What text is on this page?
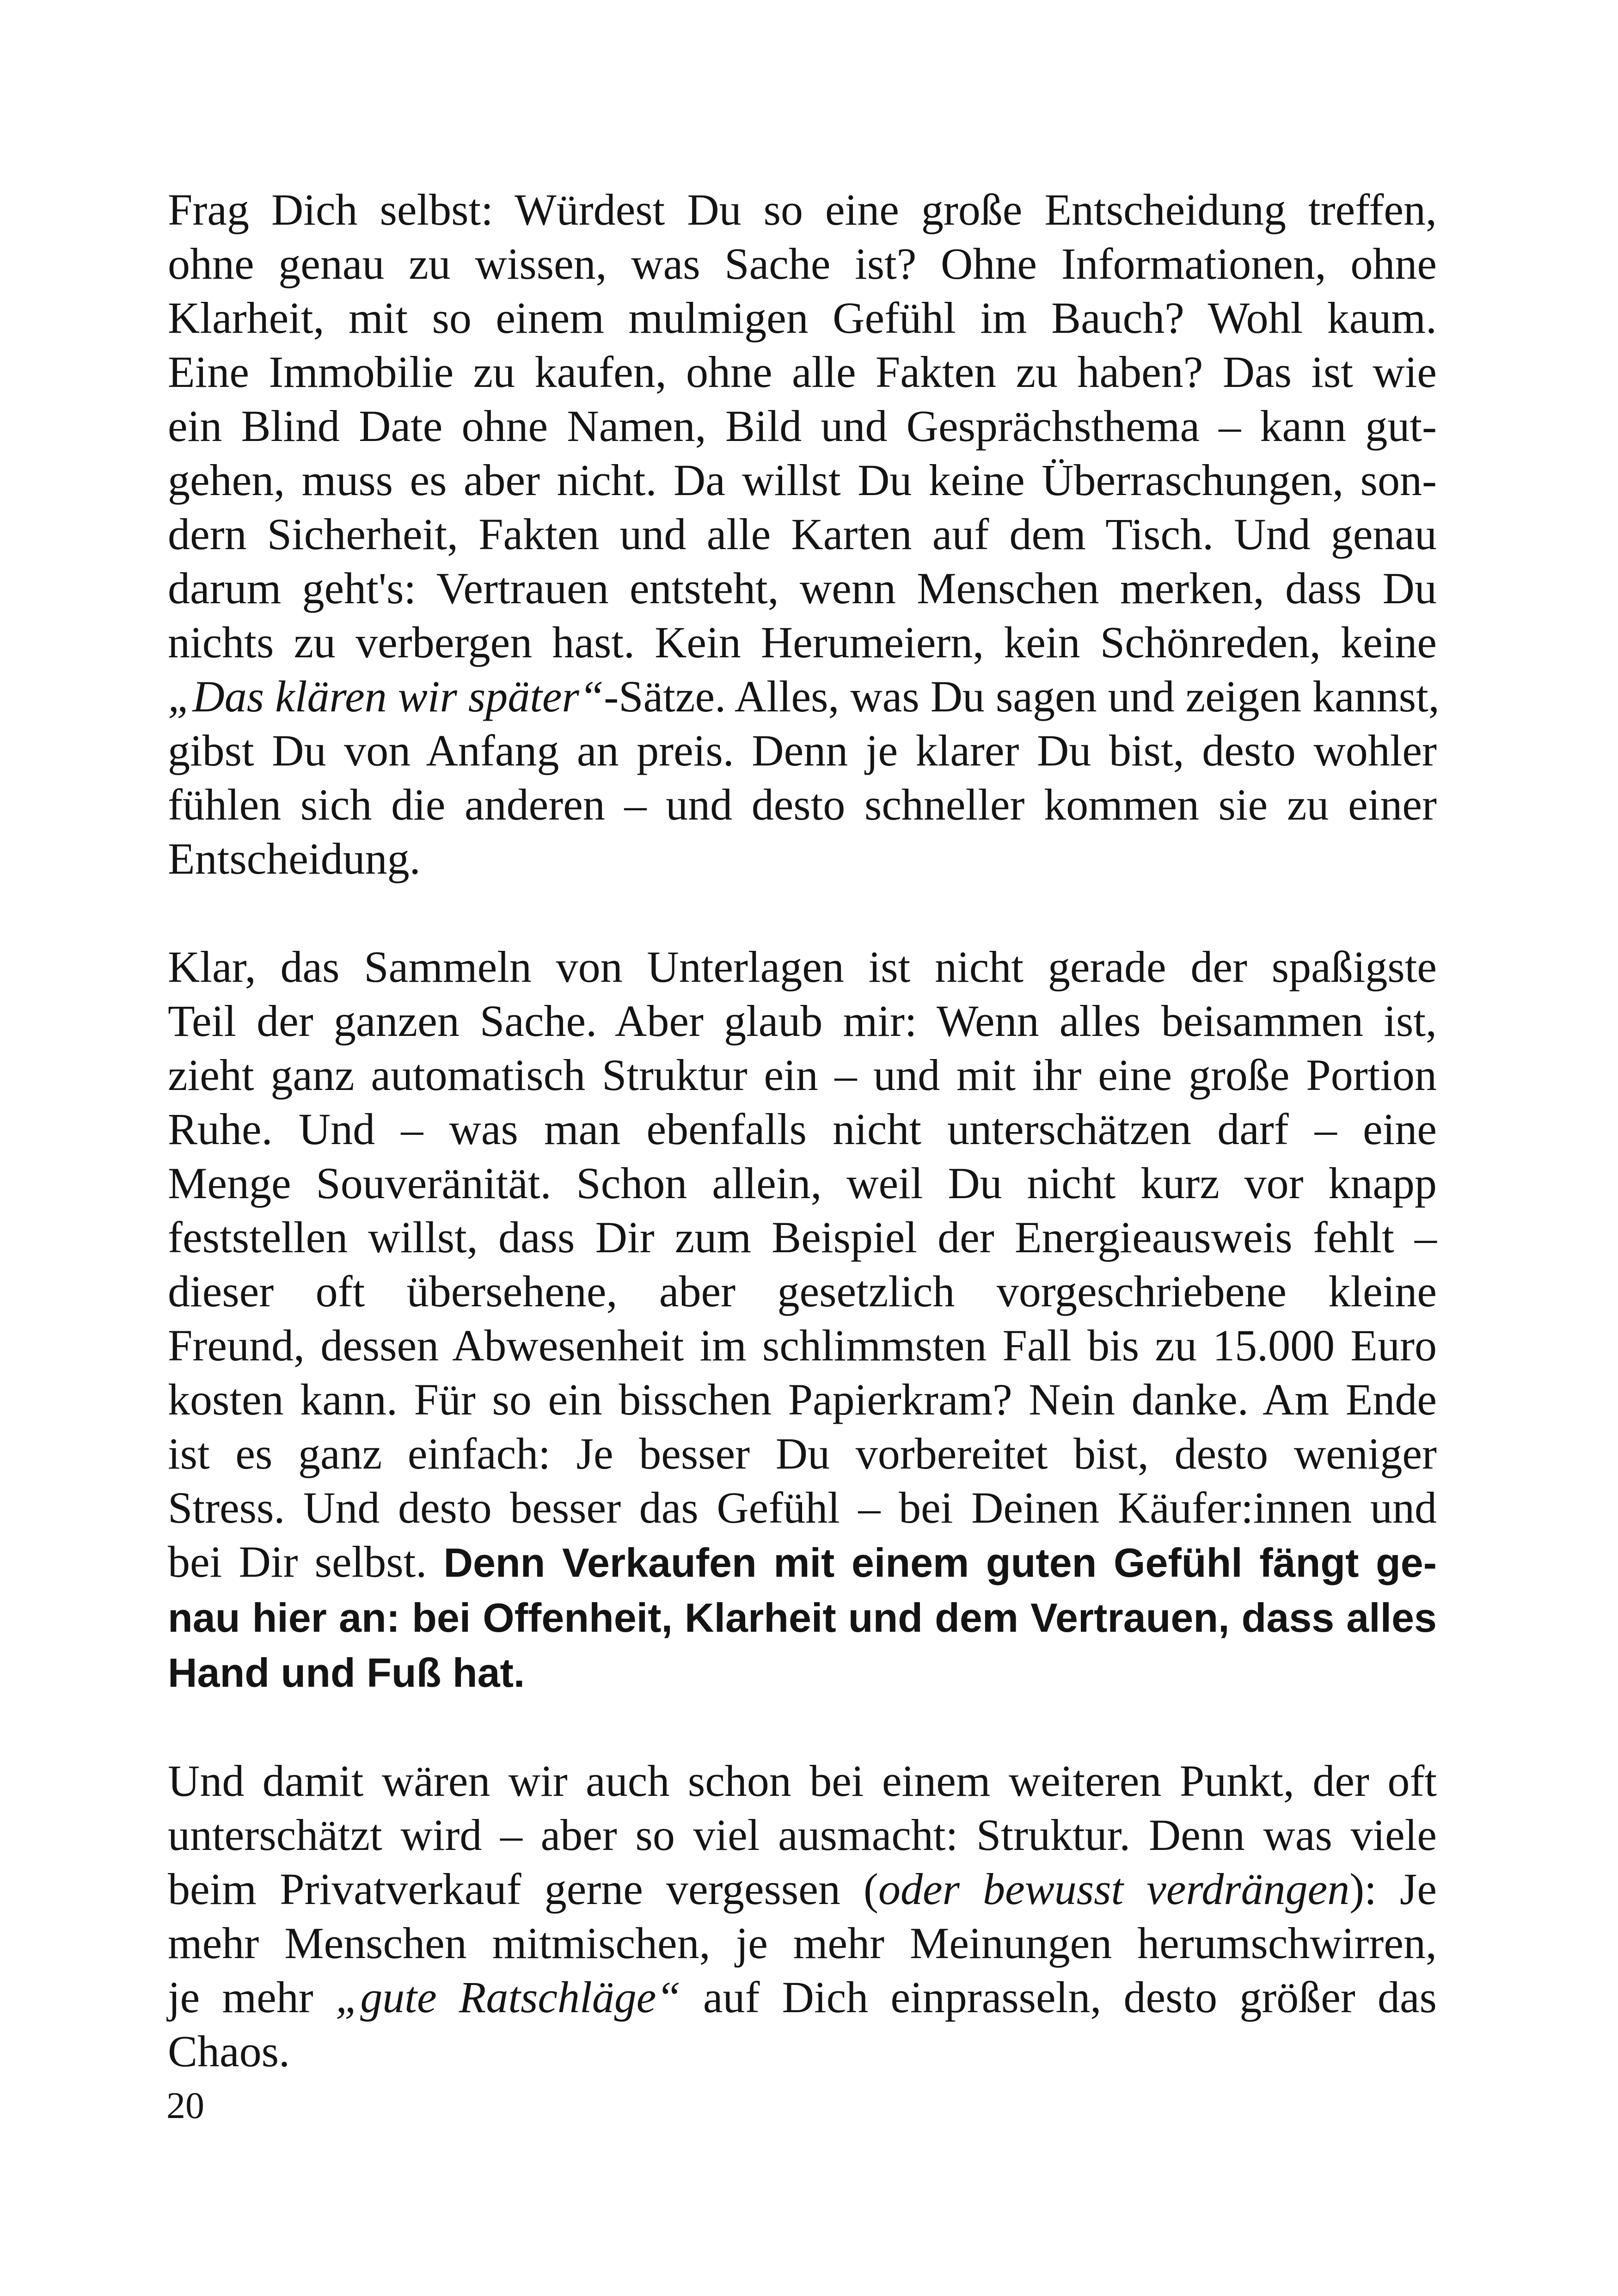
Frag Dich selbst: Würdest Du so eine große Entscheidung treffen,
ohne genau zu wissen, was Sache ist? Ohne Informationen, ohne
Klarheit, mit so einem mulmigen Gefühl im Bauch? Wohl kaum.
Eine Immobilie zu kaufen, ohne alle Fakten zu haben? Das ist wie
ein Blind Date ohne Namen, Bild und Gesprächsthema – kann gut-
gehen, muss es aber nicht. Da willst Du keine Überraschungen, son-
dern Sicherheit, Fakten und alle Karten auf dem Tisch. Und genau
darum geht's: Vertrauen entsteht, wenn Menschen merken, dass Du
nichts zu verbergen hast. Kein Herumeiern, kein Schönreden, keine
„Das klären wir später“-Sätze. Alles, was Du sagen und zeigen kannst,
gibst Du von Anfang an preis. Denn je klarer Du bist, desto wohler
fühlen sich die anderen – und desto schneller kommen sie zu einer
Entscheidung.
Klar, das Sammeln von Unterlagen ist nicht gerade der spaßigste
Teil der ganzen Sache. Aber glaub mir: Wenn alles beisammen ist,
zieht ganz automatisch Struktur ein – und mit ihr eine große Portion
Ruhe. Und – was man ebenfalls nicht unterschätzen darf – eine
Menge Souveränität. Schon allein, weil Du nicht kurz vor knapp
feststellen willst, dass Dir zum Beispiel der Energieausweis fehlt –
dieser oft übersehene, aber gesetzlich vorgeschriebene kleine
Freund, dessen Abwesenheit im schlimmsten Fall bis zu 15.000 Euro
kosten kann. Für so ein bisschen Papierkram? Nein danke. Am Ende
ist es ganz einfach: Je besser Du vorbereitet bist, desto weniger
Stress. Und desto besser das Gefühl – bei Deinen Käufer:innen und
bei Dir selbst. Denn Verkaufen mit einem guten Gefühl fängt ge-
nau hier an: bei Offenheit, Klarheit und dem Vertrauen, dass alles
Hand und Fuß hat.
Und damit wären wir auch schon bei einem weiteren Punkt, der oft
unterschätzt wird – aber so viel ausmacht: Struktur. Denn was viele
beim Privatverkauf gerne vergessen (oder bewusst verdrängen): Je
mehr Menschen mitmischen, je mehr Meinungen herumschwirren,
je mehr „gute Ratschläge“ auf Dich einprasseln, desto größer das
Chaos.
20
